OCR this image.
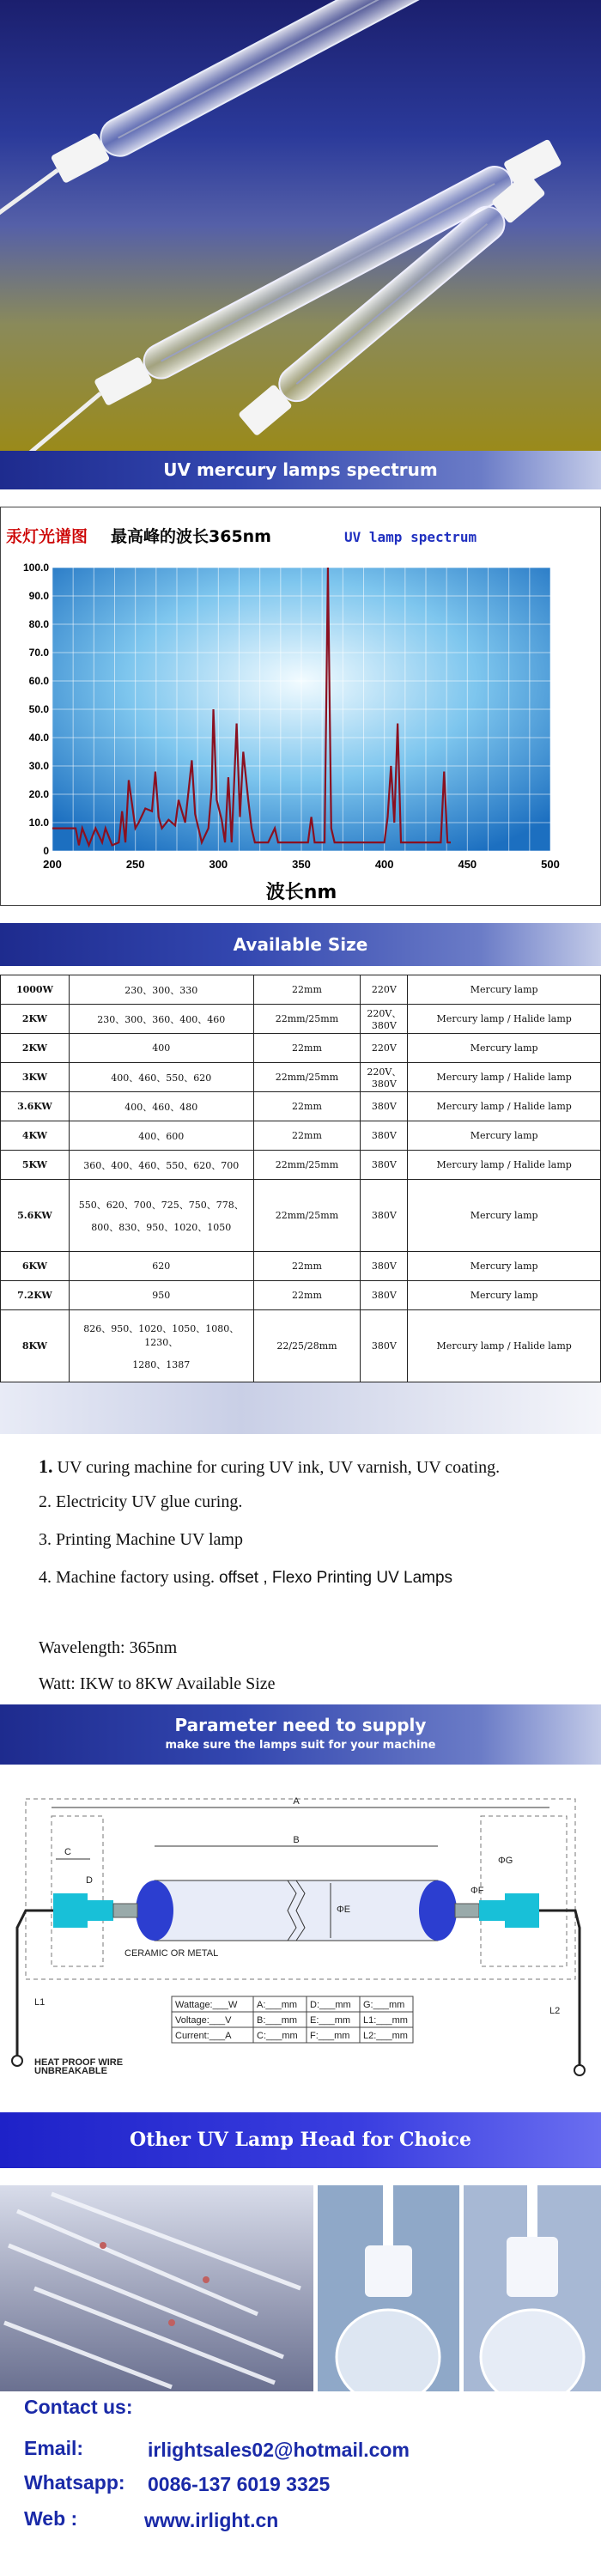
UV mercury lamps spectrum
汞灯光谱图 最高峰的波长365nm	UV lamp spectrum
0
10.0
20.0
30.0
40.0
50.0
60.0
70.0
80.0
90.0
100.0
200	250	300	350	400	450	500
波长nm
Available Size
1000W	230、300、330	22mm	220V	Mercury lamp
2KW	230、300、360、400、460	22mm/25mm	220V、380V	Mercury lamp / Halide lamp
2KW	400	22mm	220V	Mercury lamp
3KW	400、460、550、620	22mm/25mm	220V、380V	Mercury lamp / Halide lamp
3.6KW	400、460、480	22mm	380V	Mercury lamp / Halide lamp
4KW	400、600	22mm	380V	Mercury lamp
5KW	360、400、460、550、620、700	22mm/25mm	380V	Mercury lamp / Halide lamp
5.6KW	550、620、700、725、750、778、
800、830、950、1020、1050	22mm/25mm	380V	Mercury lamp
6KW	620	22mm	380V	Mercury lamp
7.2KW	950	22mm	380V	Mercury lamp
8KW	826、950、1020、1050、1080、1230、
1280、1387	22/25/28mm	380V	Mercury lamp / Halide lamp
1. UV curing machine for curing UV ink, UV varnish, UV coating.
2. Electricity UV glue curing.
3. Printing Machine UV lamp
4. Machine factory using. offset , Flexo Printing UV Lamps
Wavelength: 365nm
Watt: IKW to 8KW Available Size
Parameter need to supply
make sure the lamps suit for your machine
A
B
C
D
ΦE
ΦF
ΦG
L1
L2
CERAMIC OR METAL
HEAT PROOF WIRE
UNBREAKABLE
Wattage:___W A:___mm D:___mm G:___mm
Voltage:___V	B:___mm E:___mm L1:___mm
Current:___A	C:___mm F:___mm L2:___mm
Other UV Lamp Head for Choice
Contact us:
Email:	irlightsales02@hotmail.com
Whatsapp: 0086-137 6019 3325
Web :	www.irlight.cn
